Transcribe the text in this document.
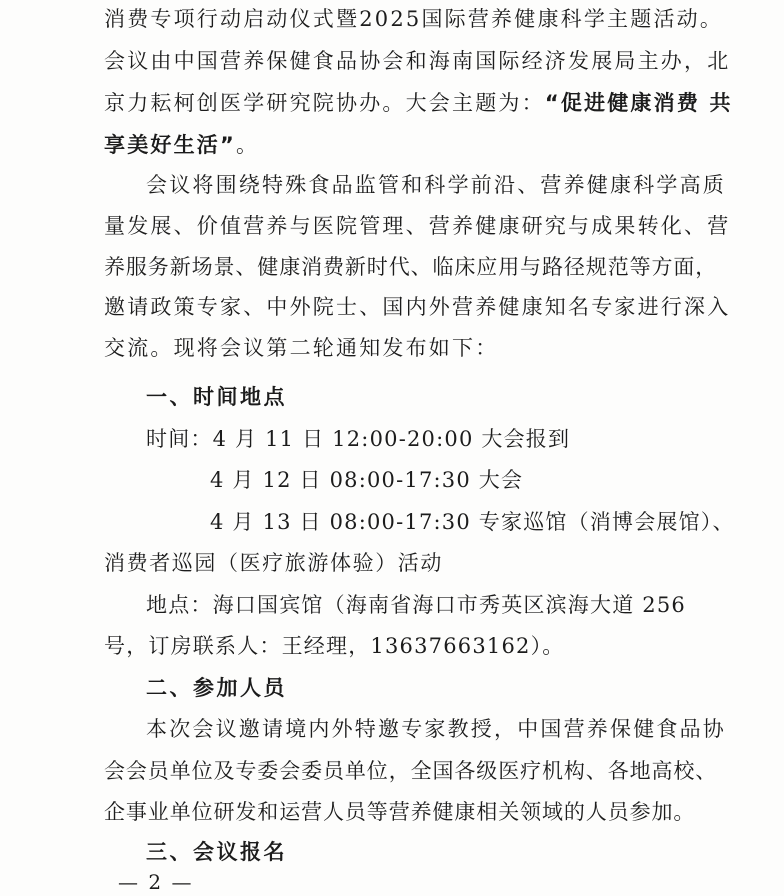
消费专项行动启动仪式暨2025国际营养健康科学主题活动。
会议由中国营养保健食品协会和海南国际经济发展局主办，北
京力耘柯创医学研究院协办。大会主题为：“促进健康消费 共
享美好生活”。
会议将围绕特殊食品监管和科学前沿、营养健康科学高质
量发展、价值营养与医院管理、营养健康研究与成果转化、营
养服务新场景、健康消费新时代、临床应用与路径规范等方面，
邀请政策专家、中外院士、国内外营养健康知名专家进行深入
交流。现将会议第二轮通知发布如下：
一、时间地点
时间：4 月 11 日 12:00-20:00 大会报到
4 月 12 日 08:00-17:30 大会
4 月 13 日 08:00-17:30 专家巡馆（消博会展馆）、
消费者巡园（医疗旅游体验）活动
地点：海口国宾馆（海南省海口市秀英区滨海大道 256
号，订房联系人：王经理，13637663162）。
二、参加人员
本次会议邀请境内外特邀专家教授，中国营养保健食品协
会会员单位及专委会委员单位，全国各级医疗机构、各地高校、
企事业单位研发和运营人员等营养健康相关领域的人员参加。
三、会议报名
— 2 —
